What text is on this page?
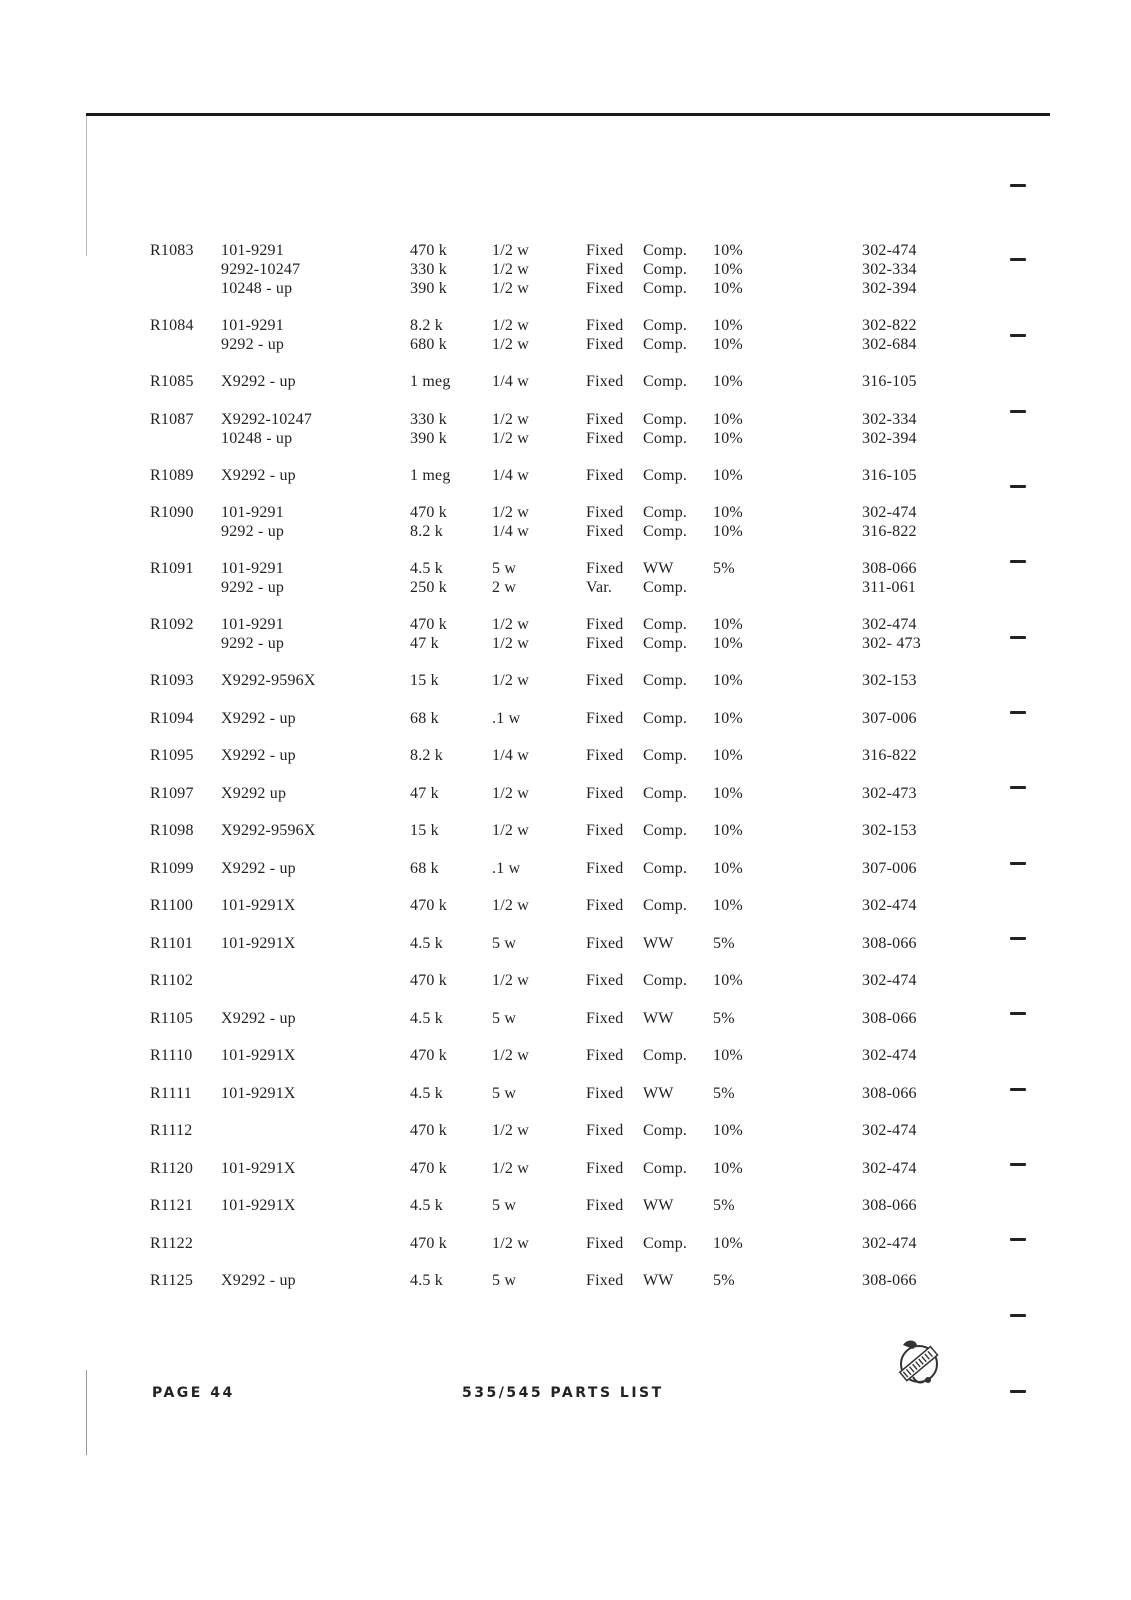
R1083 101-9291	470 k	1/2 w	Fixed Comp. 10%	302-474
9292-10247	330 k	1/2 w	Fixed Comp. 10%	302-334
10248 - up	390 k	1/2 w	Fixed Comp. 10%	302-394
R1084 101-9291	8.2 k	1/2 w	Fixed Comp. 10%	302-822
9292 - up	680 k	1/2 w	Fixed Comp. 10%	302-684
R1085 X9292 - up	1 meg	1/4 w	Fixed Comp. 10%	316-105
R1087 X9292-10247	330 k	1/2 w	Fixed Comp. 10%	302-334
10248 - up	390 k	1/2 w	Fixed Comp. 10%	302-394
R1089 X9292 - up	1 meg	1/4 w	Fixed Comp. 10%	316-105
R1090 101-9291	470 k	1/2 w	Fixed Comp. 10%	302-474
9292 - up	8.2 k	1/4 w	Fixed Comp. 10%	316-822
R1091 101-9291	4.5 k	5 w	Fixed WW 5%	308-066
9292 - up	250 k	2 w	Var. Comp.	311-061
R1092 101-9291	470 k	1/2 w	Fixed Comp. 10%	302-474
9292 - up	47 k	1/2 w	Fixed Comp. 10%	302- 473
R1093 X9292-9596X	15 k	1/2 w	Fixed Comp. 10%	302-153
R1094 X9292 - up	68 k	.1 w	Fixed Comp. 10%	307-006
R1095 X9292 - up	8.2 k	1/4 w	Fixed Comp. 10%	316-822
R1097 X9292 up	47 k	1/2 w	Fixed Comp. 10%	302-473
R1098 X9292-9596X	15 k	1/2 w	Fixed Comp. 10%	302-153
R1099 X9292 - up	68 k	.1 w	Fixed Comp. 10%	307-006
R1100 101-9291X	470 k	1/2 w	Fixed Comp. 10%	302-474
R1101 101-9291X	4.5 k	5 w	Fixed WW 5%	308-066
R1102	470 k	1/2 w	Fixed Comp. 10%	302-474
R1105 X9292 - up	4.5 k	5 w	Fixed WW 5%	308-066
R1110 101-9291X	470 k	1/2 w	Fixed Comp. 10%	302-474
R1111 101-9291X	4.5 k	5 w	Fixed WW 5%	308-066
R1112	470 k	1/2 w	Fixed Comp. 10%	302-474
R1120 101-9291X	470 k	1/2 w	Fixed Comp. 10%	302-474
R1121 101-9291X	4.5 k	5 w	Fixed WW 5%	308-066
R1122	470 k	1/2 w	Fixed Comp. 10%	302-474
R1125 X9292 - up	4.5 k	5 w	Fixed WW 5%	308-066
PAGE 44	535/545 PARTS LIST
